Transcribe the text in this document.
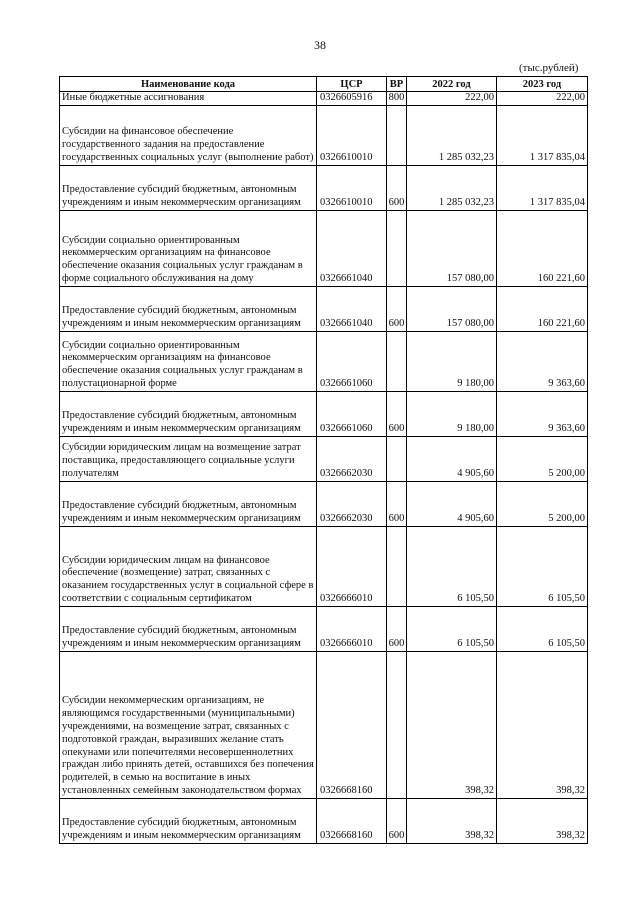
38
(тыс.рублей)
Наименование кода	ЦСР	ВР	2022 год	2023 год
Иные бюджетные ассигнования	0326605916	800	222,00	222,00
Субсидии на финансовое обеспечение государственного задания на предоставление государственных социальных услуг (выполнение работ)	0326610010		1 285 032,23	1 317 835,04
Предоставление субсидий бюджетным, автономным учреждениям и иным некоммерческим организациям	0326610010	600	1 285 032,23	1 317 835,04
Субсидии социально ориентированным некоммерческим организациям на финансовое обеспечение оказания социальных услуг гражданам в форме социального обслуживания на дому	0326661040		157 080,00	160 221,60
Предоставление субсидий бюджетным, автономным учреждениям и иным некоммерческим организациям	0326661040	600	157 080,00	160 221,60
Субсидии социально ориентированным некоммерческим организациям на финансовое обеспечение оказания социальных услуг гражданам в полустационарной форме	0326661060		9 180,00	9 363,60
Предоставление субсидий бюджетным, автономным учреждениям и иным некоммерческим организациям	0326661060	600	9 180,00	9 363,60
Субсидии юридическим лицам на возмещение затрат поставщика, предоставляющего социальные услуги получателям	0326662030		4 905,60	5 200,00
Предоставление субсидий бюджетным, автономным учреждениям и иным некоммерческим организациям	0326662030	600	4 905,60	5 200,00
Субсидии юридическим лицам на финансовое обеспечение (возмещение) затрат, связанных с оказанием государственных услуг в социальной сфере в соответствии с социальным сертификатом	0326666010		6 105,50	6 105,50
Предоставление субсидий бюджетным, автономным учреждениям и иным некоммерческим организациям	0326666010	600	6 105,50	6 105,50
Субсидии некоммерческим организациям, не являющимся государственными (муниципальными) учреждениями, на возмещение затрат, связанных с подготовкой граждан, выразивших желание стать опекунами или попечителями несовершеннолетних граждан либо принять детей, оставшихся без попечения родителей, в семью на воспитание в иных установленных семейным законодательством формах	0326668160		398,32	398,32
Предоставление субсидий бюджетным, автономным учреждениям и иным некоммерческим организациям	0326668160	600	398,32	398,32
